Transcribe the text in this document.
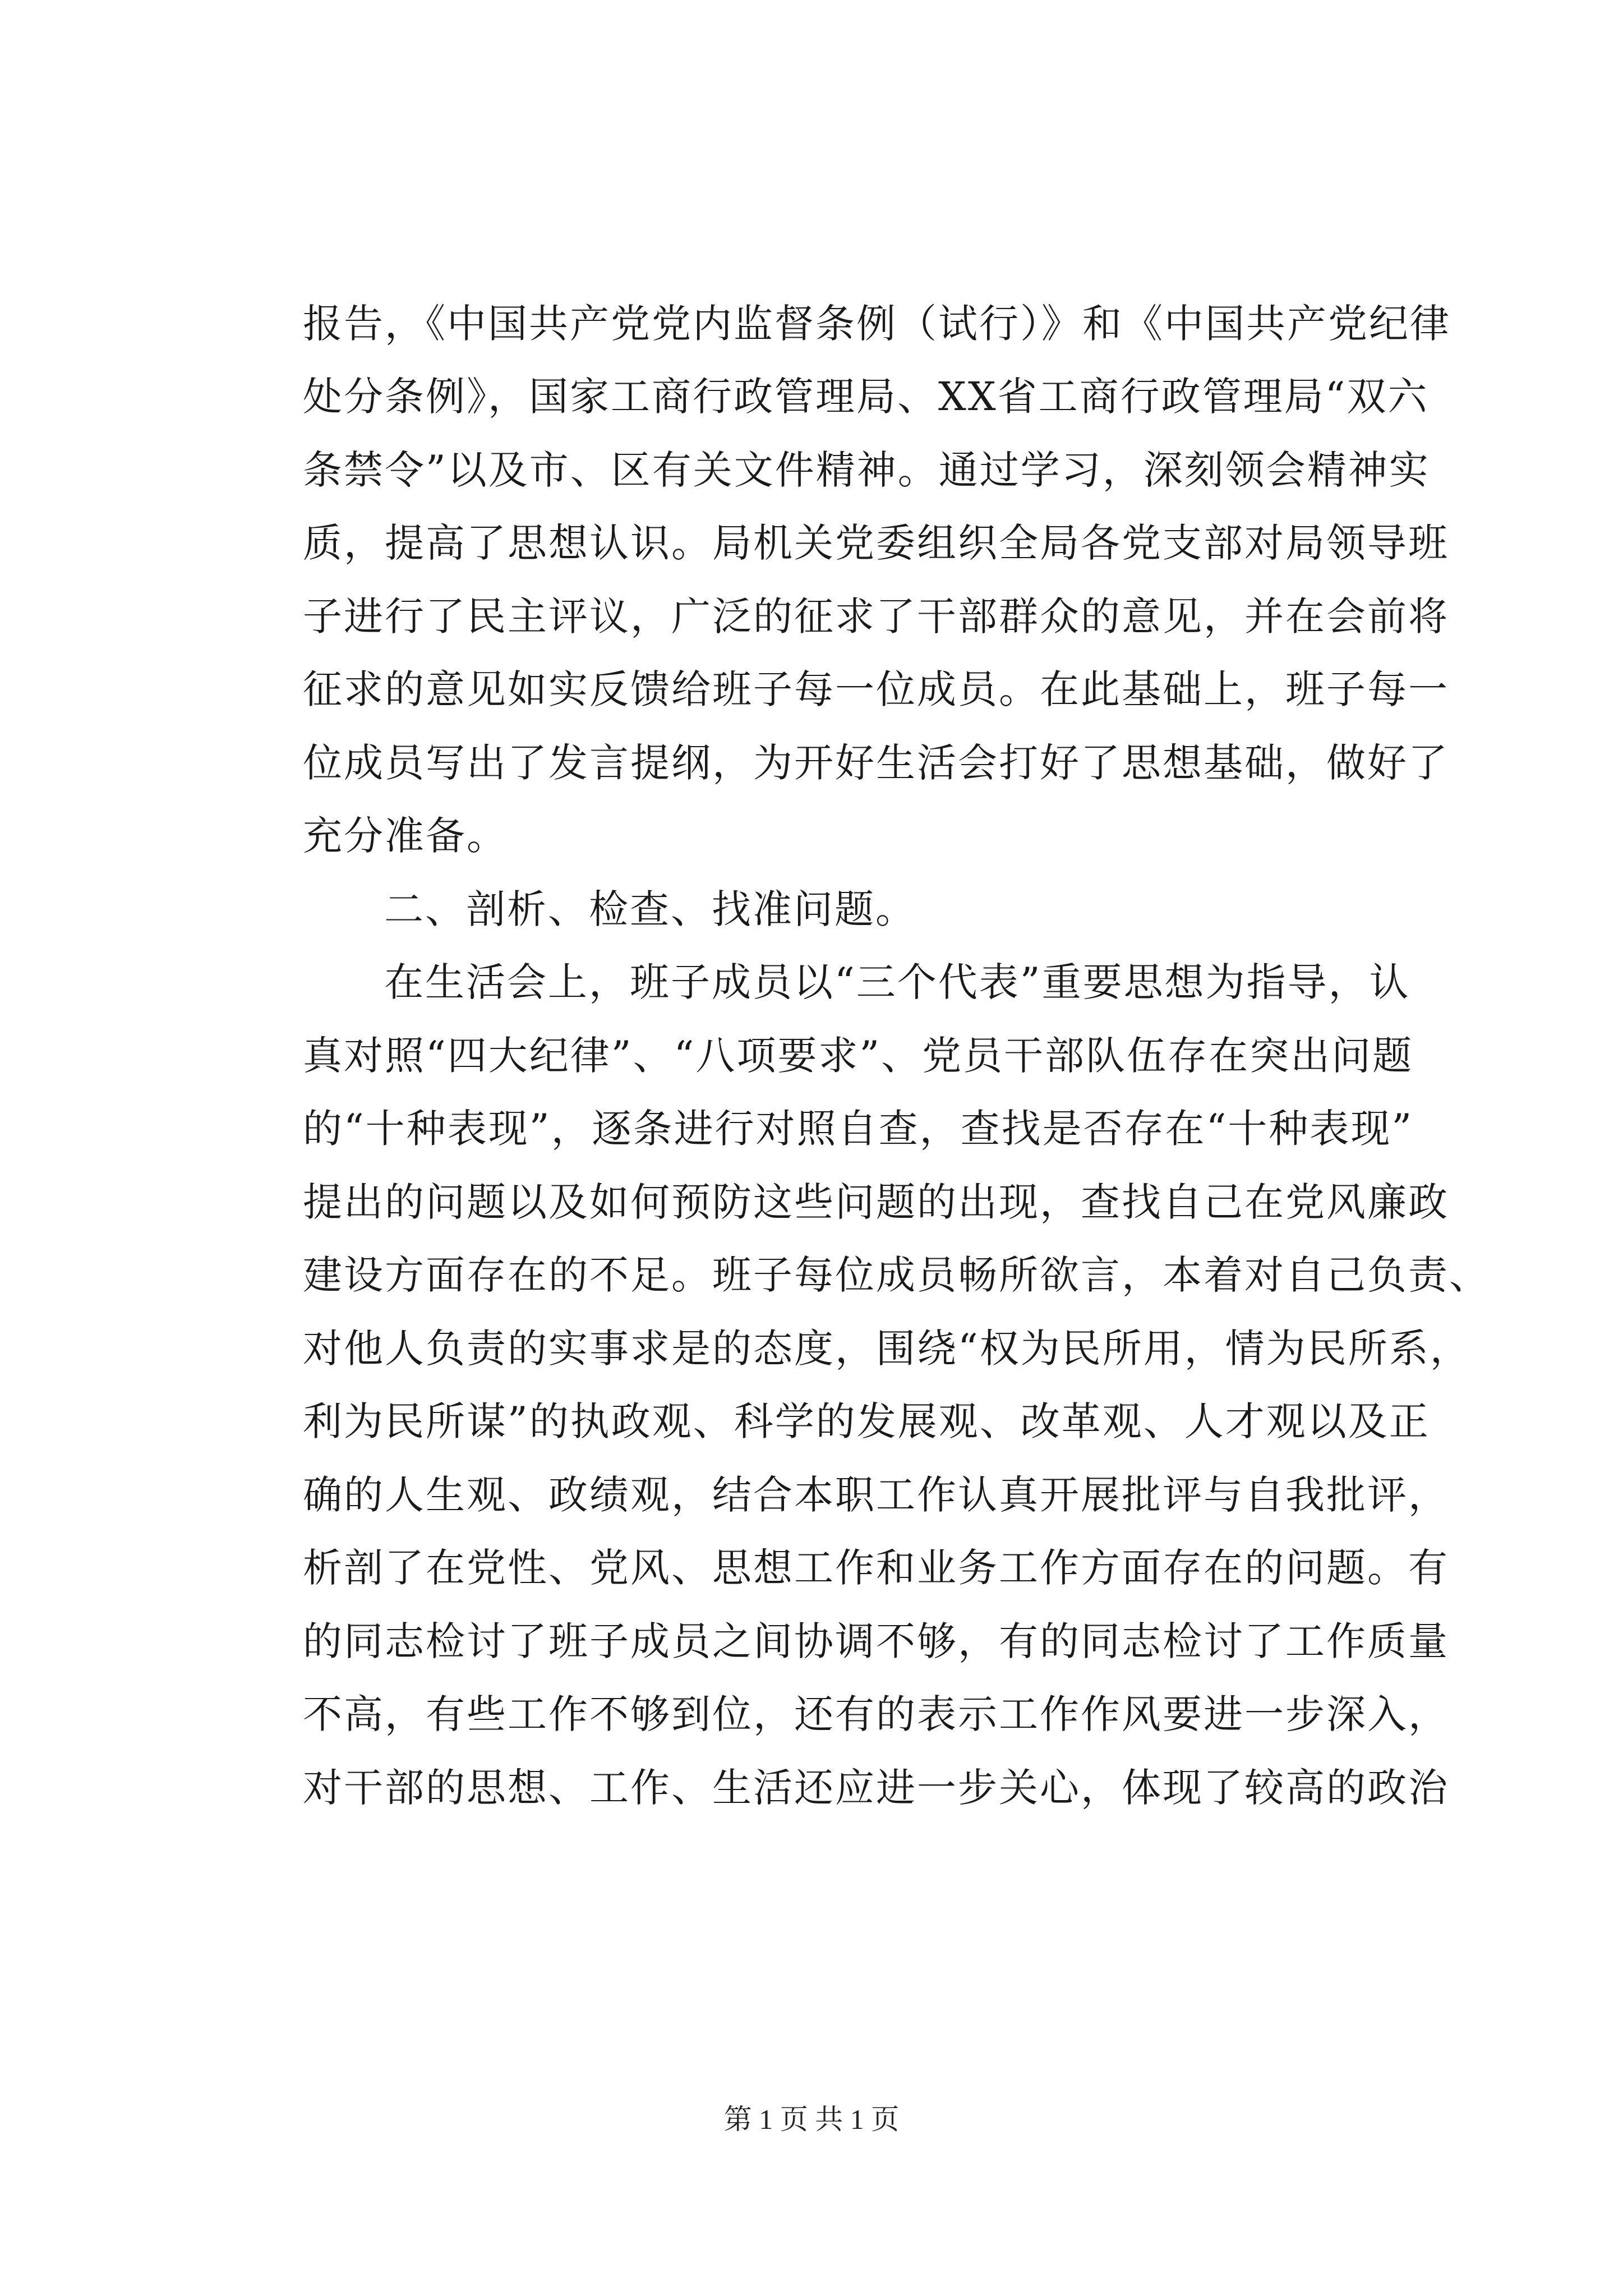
报告，《中国共产党党内监督条例（试行）》和《中国共产党纪律
处分条例》，国家工商行政管理局、XX省工商行政管理局“双六
条禁令”以及市、区有关文件精神。通过学习，深刻领会精神实
质，提高了思想认识。局机关党委组织全局各党支部对局领导班
子进行了民主评议，广泛的征求了干部群众的意见，并在会前将
征求的意见如实反馈给班子每一位成员。在此基础上，班子每一
位成员写出了发言提纲，为开好生活会打好了思想基础，做好了
充分准备。
二、剖析、检查、找准问题。
在生活会上，班子成员以“三个代表”重要思想为指导，认
真对照“四大纪律”、“八项要求”、党员干部队伍存在突出问题
的“十种表现”，逐条进行对照自查，查找是否存在“十种表现”
提出的问题以及如何预防这些问题的出现，查找自己在党风廉政
建设方面存在的不足。班子每位成员畅所欲言，本着对自己负责、
对他人负责的实事求是的态度，围绕“权为民所用，情为民所系，
利为民所谋”的执政观、科学的发展观、改革观、人才观以及正
确的人生观、政绩观，结合本职工作认真开展批评与自我批评，
析剖了在党性、党风、思想工作和业务工作方面存在的问题。有
的同志检讨了班子成员之间协调不够，有的同志检讨了工作质量
不高，有些工作不够到位，还有的表示工作作风要进一步深入，
对干部的思想、工作、生活还应进一步关心，体现了较高的政治
第 1 页 共 1 页
